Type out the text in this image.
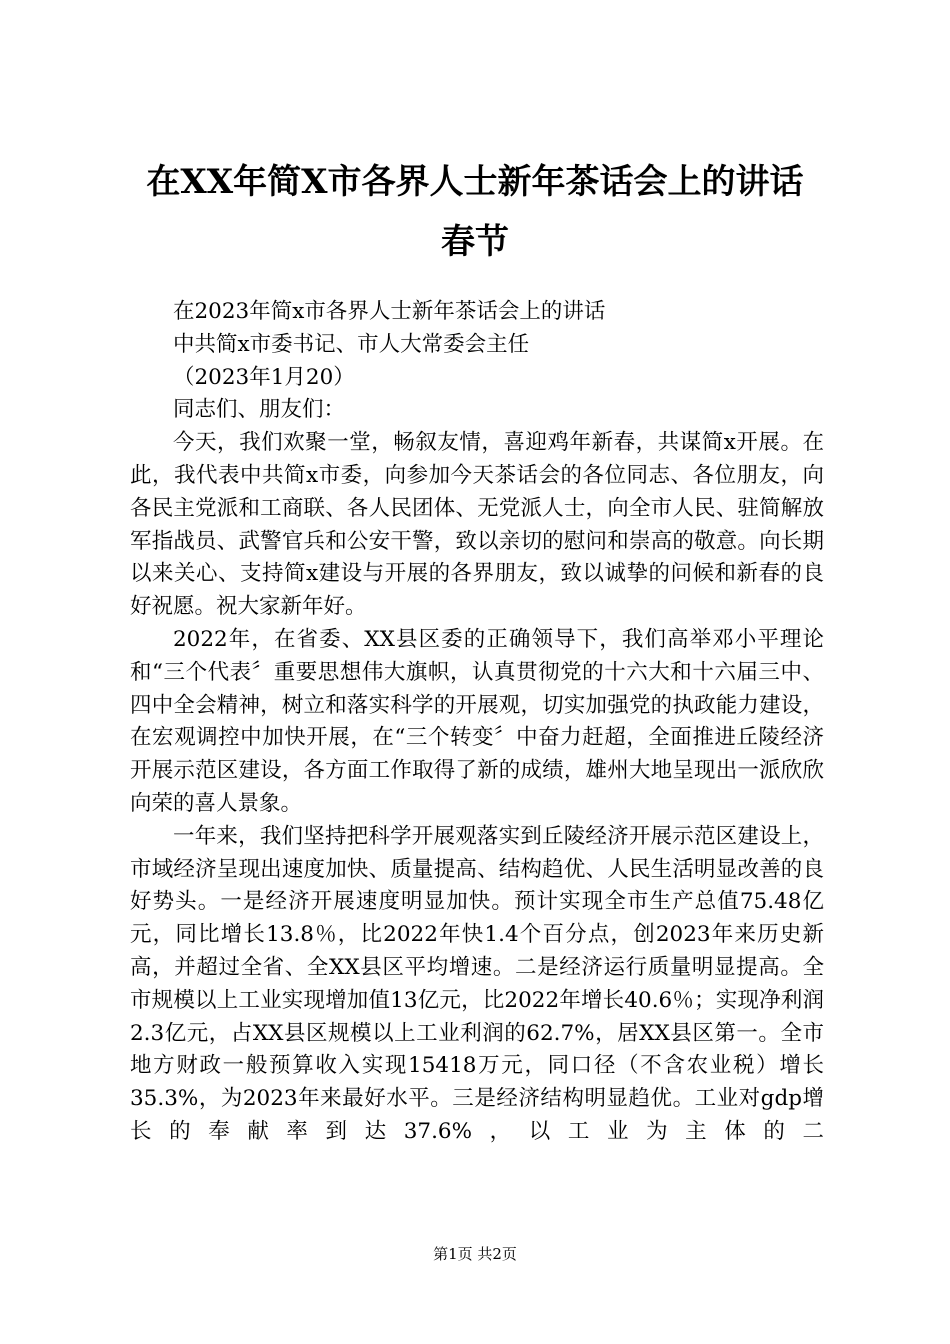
在XX年简X市各界人士新年茶话会上的讲话
春节

在2023年简x市各界人士新年茶话会上的讲话

中共简x市委书记、市人大常委会主任

（2023年1月20）

同志们、朋友们：

今天，我们欢聚一堂，畅叙友情，喜迎鸡年新春，共谋简x开展。在此，我代表中共简x市委，向参加今天茶话会的各位同志、各位朋友，向各民主党派和工商联、各人民团体、无党派人士，向全市人民、驻简解放军指战员、武警官兵和公安干警，致以亲切的慰问和崇高的敬意。向长期以来关心、支持简x建设与开展的各界朋友，致以诚挚的问候和新春的良好祝愿。祝大家新年好。

2022年，在省委、XX县区委的正确领导下，我们高举邓小平理论和“三个代表〞重要思想伟大旗帜，认真贯彻党的十六大和十六届三中、四中全会精神，树立和落实科学的开展观，切实加强党的执政能力建设，在宏观调控中加快开展，在“三个转变〞中奋力赶超，全面推进丘陵经济开展示范区建设，各方面工作取得了新的成绩，雄州大地呈现出一派欣欣向荣的喜人景象。

一年来，我们坚持把科学开展观落实到丘陵经济开展示范区建设上，市域经济呈现出速度加快、质量提高、结构趋优、人民生活明显改善的良好势头。一是经济开展速度明显加快。预计实现全市生产总值75.48亿元，同比增长13.8％，比2022年快1.4个百分点，创2023年来历史新高，并超过全省、全XX县区平均增速。二是经济运行质量明显提高。全市规模以上工业实现增加值13亿元，比2022年增长40.6％；实现净利润2.3亿元，占XX县区规模以上工业利润的62.7%，居XX县区第一。全市地方财政一般预算收入实现15418万元，同口径（不含农业税）增长35.3%，为2023年来最好水平。三是经济结构明显趋优。工业对gdp增长的奉献率到达37.6%，以工业为主体的二

第1页 共2页
